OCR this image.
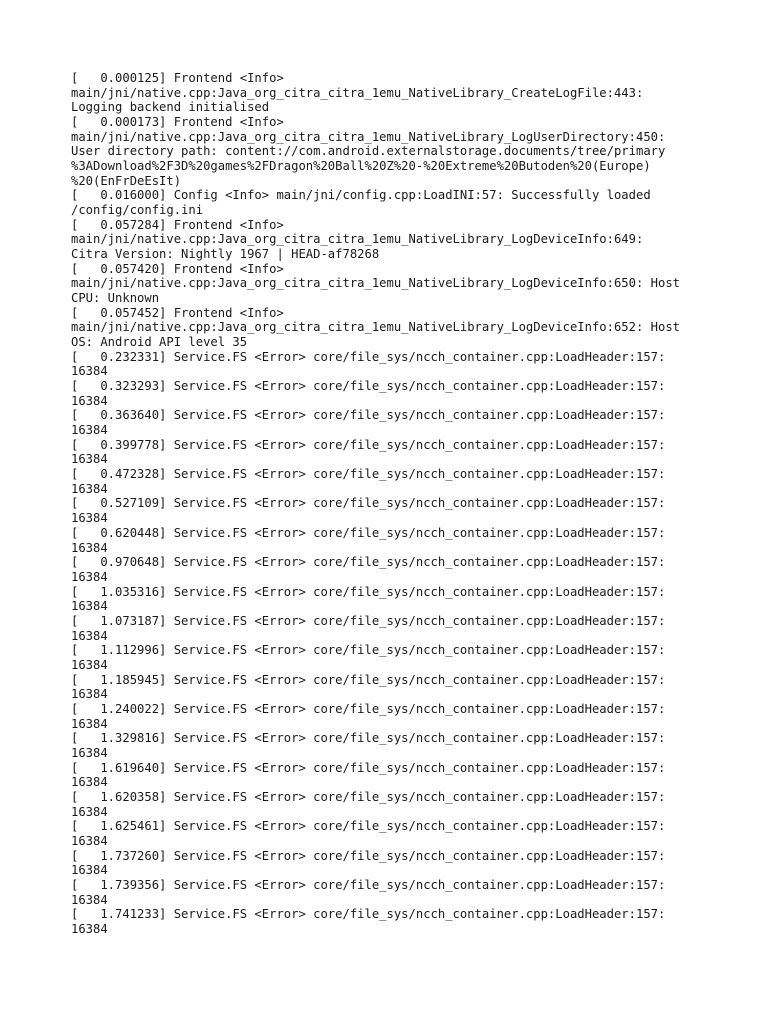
[   0.000125] Frontend <Info>

main/jni/native.cpp:Java_org_citra_citra_1emu_NativeLibrary_CreateLogFile:443:

Logging backend initialised

[   0.000173] Frontend <Info>

main/jni/native.cpp:Java_org_citra_citra_1emu_NativeLibrary_LogUserDirectory:450:

User directory path: content://com.android.externalstorage.documents/tree/primary

%3ADownload%2F3D%20games%2FDragon%20Ball%20Z%20-%20Extreme%20Butoden%20(Europe)

%20(EnFrDeEsIt)

[   0.016000] Config <Info> main/jni/config.cpp:LoadINI:57: Successfully loaded

/config/config.ini

[   0.057284] Frontend <Info>

main/jni/native.cpp:Java_org_citra_citra_1emu_NativeLibrary_LogDeviceInfo:649:

Citra Version: Nightly 1967 | HEAD-af78268

[   0.057420] Frontend <Info>

main/jni/native.cpp:Java_org_citra_citra_1emu_NativeLibrary_LogDeviceInfo:650: Host

CPU: Unknown

[   0.057452] Frontend <Info>

main/jni/native.cpp:Java_org_citra_citra_1emu_NativeLibrary_LogDeviceInfo:652: Host

OS: Android API level 35

[   0.232331] Service.FS <Error> core/file_sys/ncch_container.cpp:LoadHeader:157:

16384

[   0.323293] Service.FS <Error> core/file_sys/ncch_container.cpp:LoadHeader:157:

16384

[   0.363640] Service.FS <Error> core/file_sys/ncch_container.cpp:LoadHeader:157:

16384

[   0.399778] Service.FS <Error> core/file_sys/ncch_container.cpp:LoadHeader:157:

16384

[   0.472328] Service.FS <Error> core/file_sys/ncch_container.cpp:LoadHeader:157:

16384

[   0.527109] Service.FS <Error> core/file_sys/ncch_container.cpp:LoadHeader:157:

16384

[   0.620448] Service.FS <Error> core/file_sys/ncch_container.cpp:LoadHeader:157:

16384

[   0.970648] Service.FS <Error> core/file_sys/ncch_container.cpp:LoadHeader:157:

16384

[   1.035316] Service.FS <Error> core/file_sys/ncch_container.cpp:LoadHeader:157:

16384

[   1.073187] Service.FS <Error> core/file_sys/ncch_container.cpp:LoadHeader:157:

16384

[   1.112996] Service.FS <Error> core/file_sys/ncch_container.cpp:LoadHeader:157:

16384

[   1.185945] Service.FS <Error> core/file_sys/ncch_container.cpp:LoadHeader:157:

16384

[   1.240022] Service.FS <Error> core/file_sys/ncch_container.cpp:LoadHeader:157:

16384

[   1.329816] Service.FS <Error> core/file_sys/ncch_container.cpp:LoadHeader:157:

16384

[   1.619640] Service.FS <Error> core/file_sys/ncch_container.cpp:LoadHeader:157:

16384

[   1.620358] Service.FS <Error> core/file_sys/ncch_container.cpp:LoadHeader:157:

16384

[   1.625461] Service.FS <Error> core/file_sys/ncch_container.cpp:LoadHeader:157:

16384

[   1.737260] Service.FS <Error> core/file_sys/ncch_container.cpp:LoadHeader:157:

16384

[   1.739356] Service.FS <Error> core/file_sys/ncch_container.cpp:LoadHeader:157:

16384

[   1.741233] Service.FS <Error> core/file_sys/ncch_container.cpp:LoadHeader:157:

16384
